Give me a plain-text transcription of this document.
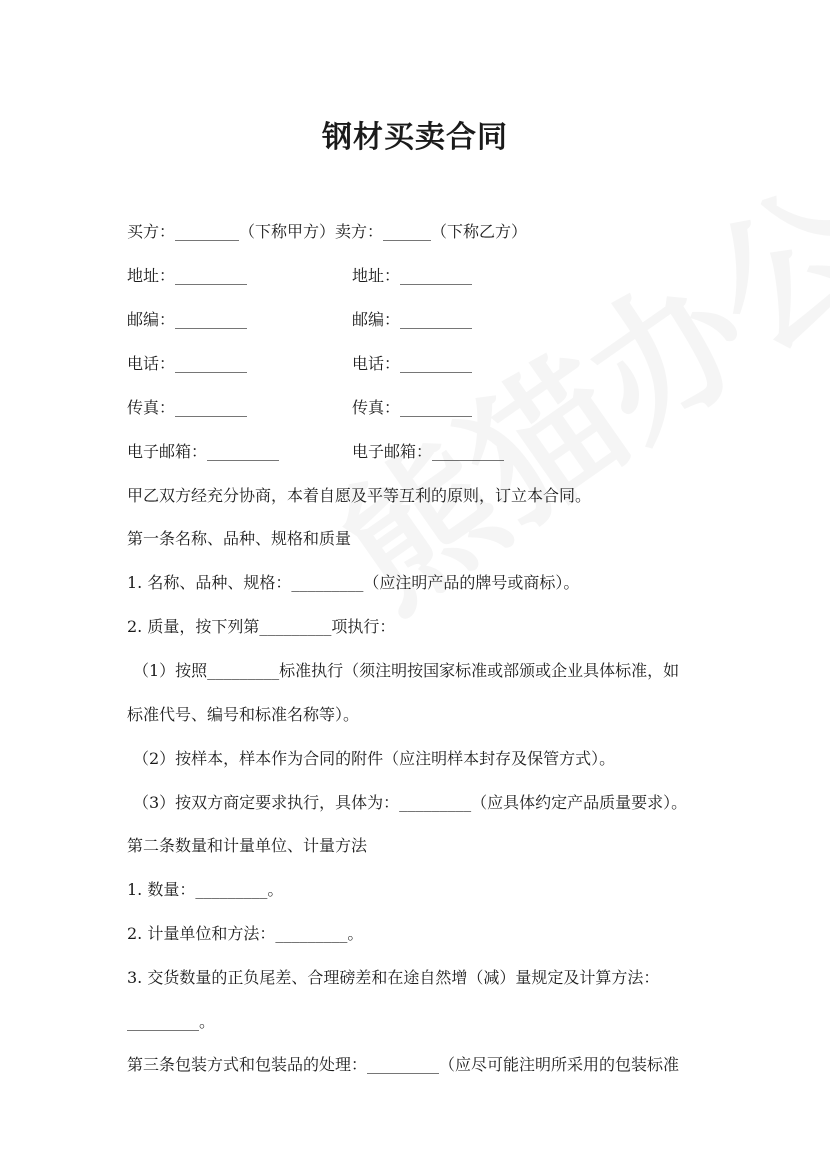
钢材买卖合同
买方：________（下称甲方）卖方：______（下称乙方）
地址：_________	地址：_________
邮编：_________	邮编：_________
电话：_________	电话：_________
传真：_________	传真：_________
电子邮箱：_________	电子邮箱：_________
甲乙双方经充分协商，本着自愿及平等互利的原则，订立本合同。
第一条名称、品种、规格和质量
1. 名称、品种、规格：_________（应注明产品的牌号或商标）。
2. 质量，按下列第_________项执行：
（1）按照_________标准执行（须注明按国家标准或部颁或企业具体标准，如
标准代号、编号和标准名称等）。
（2）按样本，样本作为合同的附件（应注明样本封存及保管方式）。
（3）按双方商定要求执行，具体为：_________（应具体约定产品质量要求）。
第二条数量和计量单位、计量方法
1. 数量：_________。
2. 计量单位和方法：_________。
3. 交货数量的正负尾差、合理磅差和在途自然增（减）量规定及计算方法：
_________。
第三条包装方式和包装品的处理：_________（应尽可能注明所采用的包装标准
